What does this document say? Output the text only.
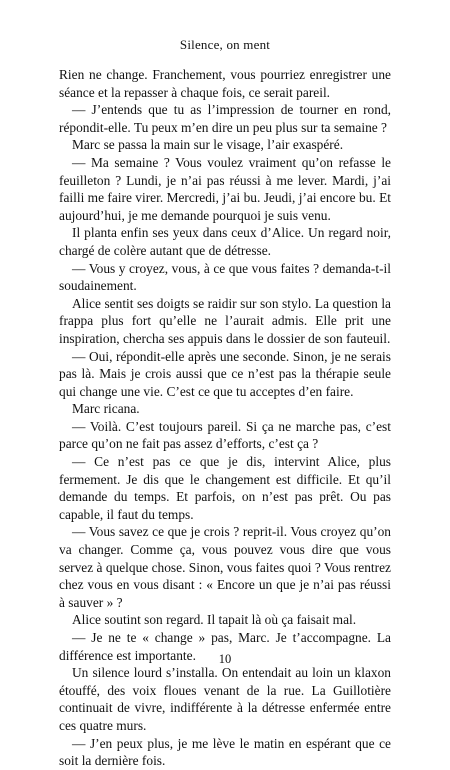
Silence, on ment

Rien ne change. Franchement, vous pourriez enregistrer une séance et la repasser à chaque fois, ce serait pareil.

— J’entends que tu as l’impression de tourner en rond, répondit-elle. Tu peux m’en dire un peu plus sur ta semaine ?

Marc se passa la main sur le visage, l’air exaspéré.

— Ma semaine ? Vous voulez vraiment qu’on refasse le feuilleton ? Lundi, je n’ai pas réussi à me lever. Mardi, j’ai failli me faire virer. Mercredi, j’ai bu. Jeudi, j’ai encore bu. Et aujourd’hui, je me demande pourquoi je suis venu.

Il planta enfin ses yeux dans ceux d’Alice. Un regard noir, chargé de colère autant que de détresse.

— Vous y croyez, vous, à ce que vous faites ? demanda-t-il soudainement.

Alice sentit ses doigts se raidir sur son stylo. La question la frappa plus fort qu’elle ne l’aurait admis. Elle prit une inspiration, chercha ses appuis dans le dossier de son fauteuil.

— Oui, répondit-elle après une seconde. Sinon, je ne serais pas là. Mais je crois aussi que ce n’est pas la thérapie seule qui change une vie. C’est ce que tu acceptes d’en faire.

Marc ricana.

— Voilà. C’est toujours pareil. Si ça ne marche pas, c’est parce qu’on ne fait pas assez d’efforts, c’est ça ?

— Ce n’est pas ce que je dis, intervint Alice, plus fermement. Je dis que le changement est difficile. Et qu’il demande du temps. Et parfois, on n’est pas prêt. Ou pas capable, il faut du temps.

— Vous savez ce que je crois ? reprit-il. Vous croyez qu’on va changer. Comme ça, vous pouvez vous dire que vous servez à quelque chose. Sinon, vous faites quoi ? Vous rentrez chez vous en vous disant : « Encore un que je n’ai pas réussi à sauver » ?

Alice soutint son regard. Il tapait là où ça faisait mal.

— Je ne te « change » pas, Marc. Je t’accompagne. La différence est importante.

Un silence lourd s’installa. On entendait au loin un klaxon étouffé, des voix floues venant de la rue. La Guillotière continuait de vivre, indifférente à la détresse enfermée entre ces quatre murs.

— J’en peux plus, je me lève le matin en espérant que ce soit la dernière fois.

10
